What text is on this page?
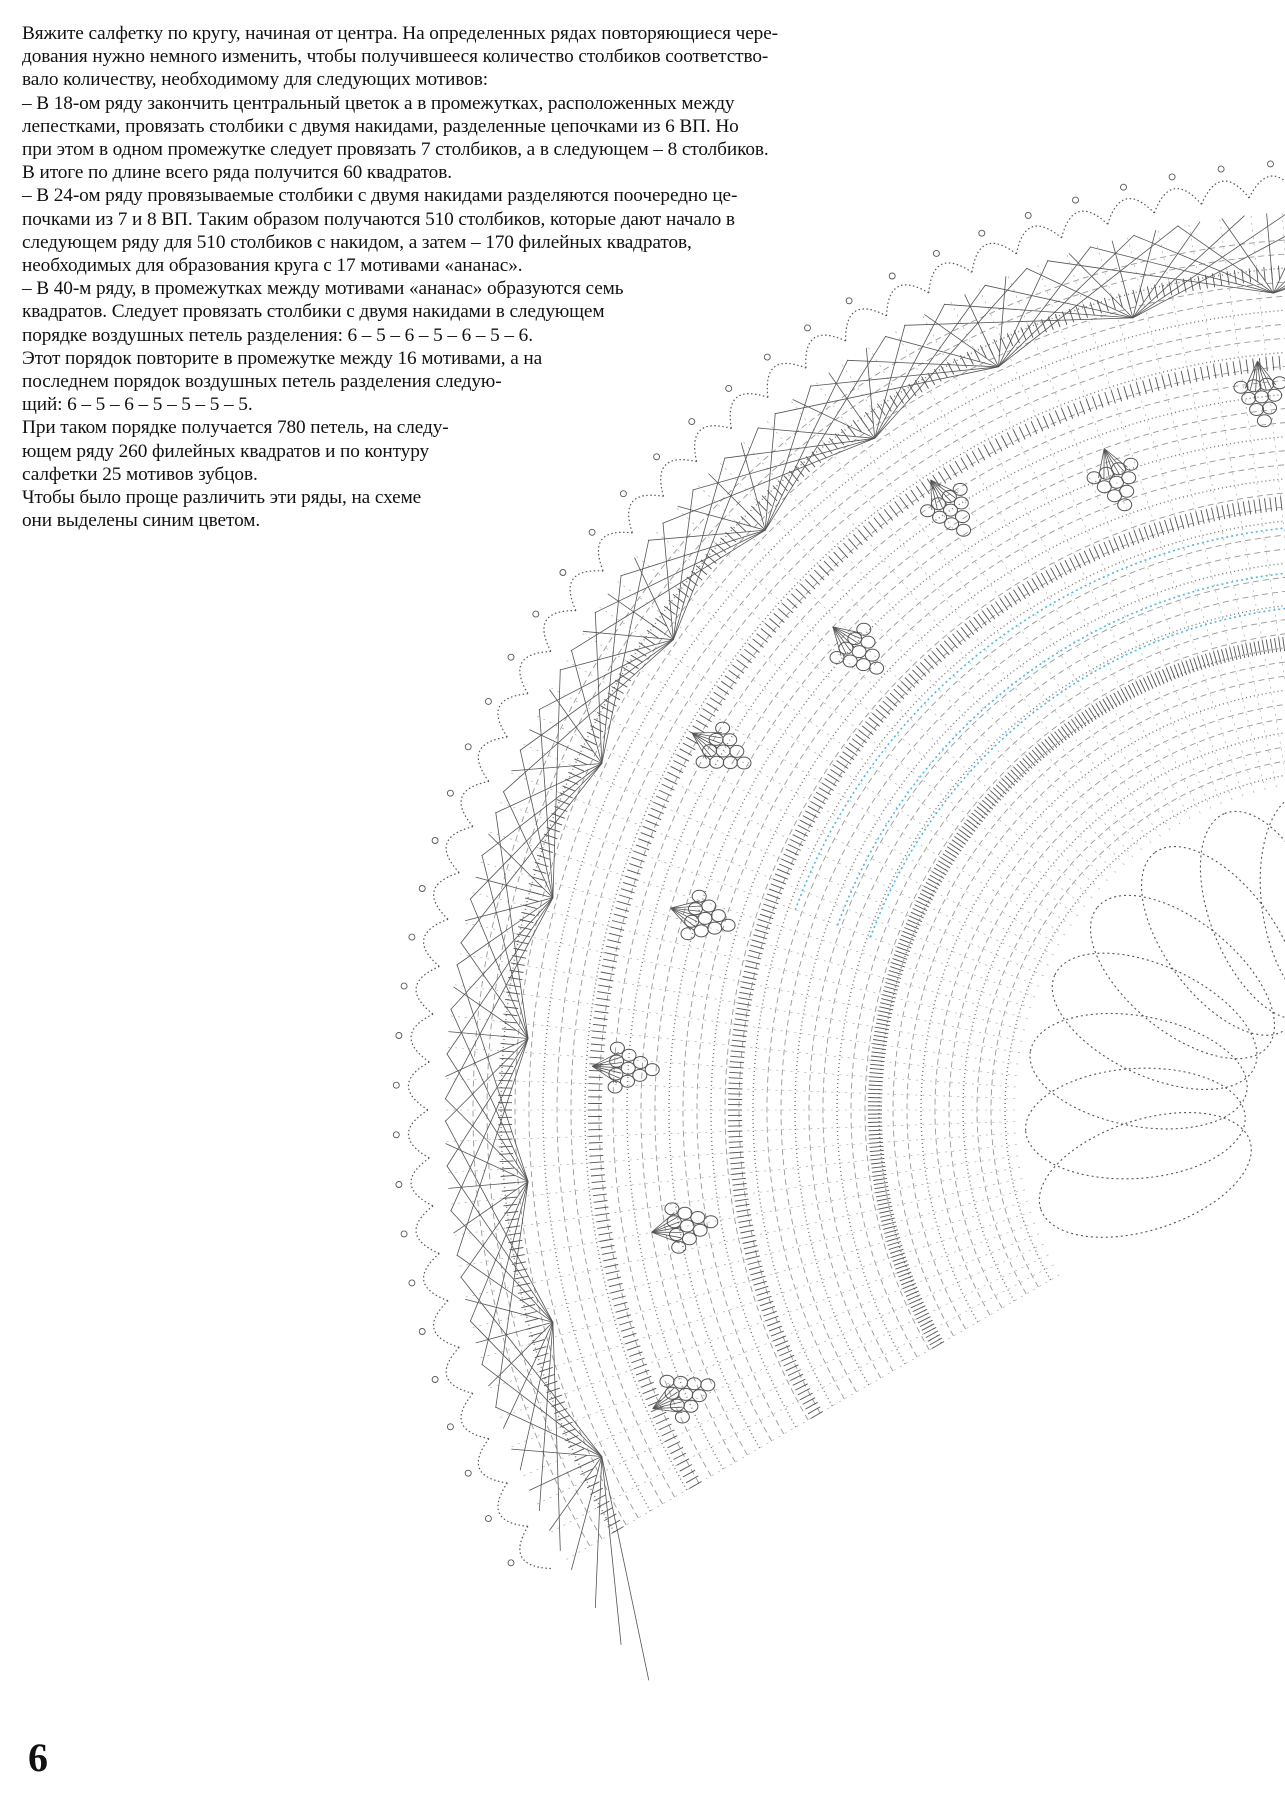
Вяжите салфетку по кругу, начиная от центра. На определенных рядах повторяющиеся чере-
дования нужно немного изменить, чтобы получившееся количество столбиков соответство-
вало количеству, необходимому для следующих мотивов:
– В 18-ом ряду закончить центральный цветок а в промежутках, расположенных между
лепестками, провязать столбики с двумя накидами, разделенные цепочками из 6 ВП. Но
при этом в одном промежутке следует провязать 7 столбиков, а в следующем – 8 столбиков.
В итоге по длине всего ряда получится 60 квадратов.
– В 24-ом ряду провязываемые столбики с двумя накидами разделяются поочередно це-
почками из 7 и 8 ВП. Таким образом получаются 510 столбиков, которые дают начало в
следующем ряду для 510 столбиков с накидом, а затем – 170 филейных квадратов,
необходимых для образования круга с 17 мотивами «ананас».
– В 40-м ряду, в промежутках между мотивами «ананас» образуются семь
квадратов. Следует провязать столбики с двумя накидами в следующем
порядке воздушных петель разделения: 6 – 5 – 6 – 5 – 6 – 5 – 6.
Этот порядок повторите в промежутке между 16 мотивами, а на
последнем порядок воздушных петель разделения следую-
щий: 6 – 5 – 6 – 5 – 5 – 5 – 5.
При таком порядке получается 780 петель, на следу-
ющем ряду 260 филейных квадратов и по контуру
салфетки 25 мотивов зубцов.
Чтобы было проще различить эти ряды, на схеме
они выделены синим цветом.
6
